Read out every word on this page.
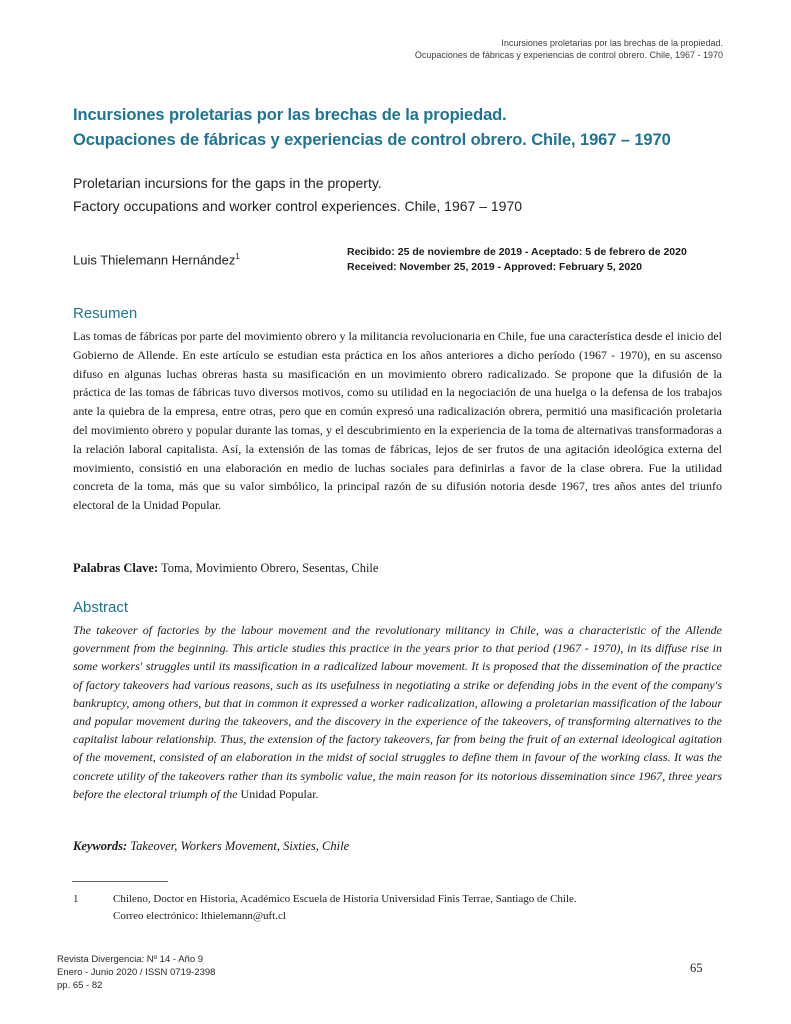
Incursiones proletarias por las brechas de la propiedad.
Ocupaciones de fábricas y experiencias de control obrero. Chile, 1967 - 1970
Incursiones proletarias por las brechas de la propiedad.
Ocupaciones de fábricas y experiencias de control obrero. Chile, 1967 – 1970
Proletarian incursions for the gaps in the property.
Factory occupations and worker control experiences. Chile, 1967 – 1970
Luis Thielemann Hernández$^1$	Recibido: 25 de noviembre de 2019 - Aceptado: 5 de febrero de 2020
Received: November 25, 2019 - Approved: February 5, 2020
Resumen

Las tomas de fábricas por parte del movimiento obrero y la militancia revolucionaria en Chile, fue una característica desde el inicio del Gobierno de Allende. En este artículo se estudian esta práctica en los años anteriores a dicho período (1967 - 1970), en su ascenso difuso en algunas luchas obreras hasta su masificación en un movimiento obrero radicalizado. Se propone que la difusión de la práctica de las tomas de fábricas tuvo diversos motivos, como su utilidad en la negociación de una huelga o la defensa de los trabajos ante la quiebra de la empresa, entre otras, pero que en común expresó una radicalización obrera, permitió una masificación proletaria del movimiento obrero y popular durante las tomas, y el descubrimiento en la experiencia de la toma de alternativas transformadoras a la relación laboral capitalista. Así, la extensión de las tomas de fábricas, lejos de ser frutos de una agitación ideológica externa del movimiento, consistió en una elaboración en medio de luchas sociales para definirlas a favor de la clase obrera. Fue la utilidad concreta de la toma, más que su valor simbólico, la principal razón de su difusión notoria desde 1967, tres años antes del triunfo electoral de la Unidad Popular.

Palabras Clave: Toma, Movimiento Obrero, Sesentas, Chile

Abstract

The takeover of factories by the labour movement and the revolutionary militancy in Chile, was a characteristic of the Allende government from the beginning. This article studies this practice in the years prior to that period (1967 - 1970), in its diffuse rise in some workers' struggles until its massification in a radicalized labour movement. It is proposed that the dissemination of the practice of factory takeovers had various reasons, such as its usefulness in negotiating a strike or defending jobs in the event of the company's bankruptcy, among others, but that in common it expressed a worker radicalization, allowing a proletarian massification of the labour and popular movement during the takeovers, and the discovery in the experience of the takeovers, of transforming alternatives to the capitalist labour relationship. Thus, the extension of the factory takeovers, far from being the fruit of an external ideological agitation of the movement, consisted of an elaboration in the midst of social struggles to define them in favour of the working class. It was the concrete utility of the takeovers rather than its symbolic value, the main reason for its notorious dissemination since 1967, three years before the electoral triumph of the Unidad Popular.

Keywords: Takeover, Workers Movement, Sixties, Chile

1	Chileno, Doctor en Historia, Académico Escuela de Historia Universidad Finis Terrae, Santiago de Chile.
Correo electrónico: lthielemann@uft.cl
Revista Divergencia: Nº 14 - Año 9
Enero - Junio 2020 / ISSN 0719-2398
pp. 65 - 82
65
